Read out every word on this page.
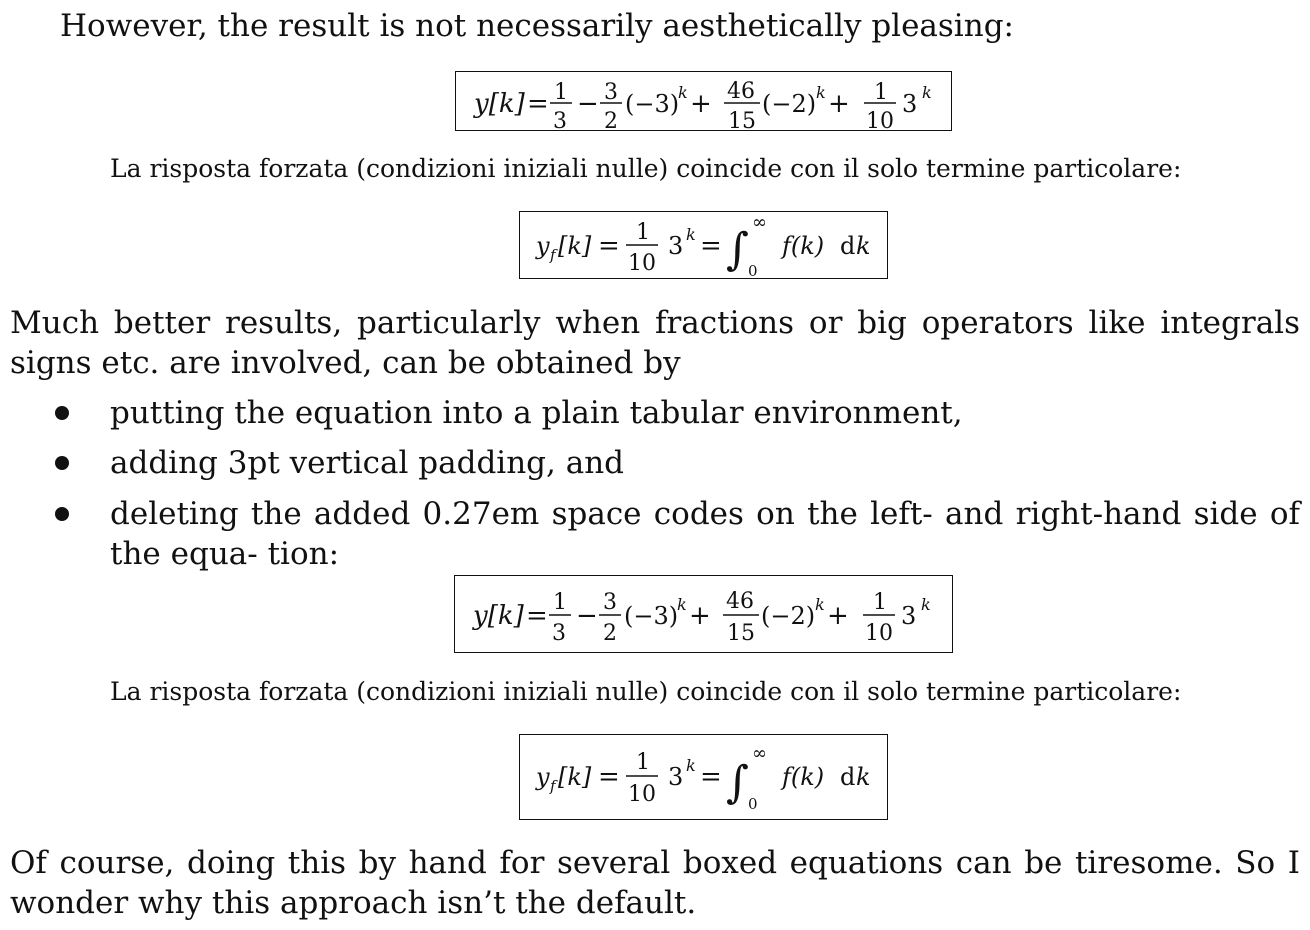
However, the result is not necessarily aesthetically pleasing:
y[k] = 1
3
− 3
2
(−3)
k + 46
15
(−2) k + 1
10
3 k
La risposta forzata (condizioni iniziali nulle) coincide con il solo termine particolare:
y f [k] = 1
10
3 k = ∫
∞
0
f(k) d k
Much better results, particularly when fractions or big operators like integrals signs etc. are involved, can be obtained by
putting the equation into a plain tabular environment,
adding 3pt vertical padding, and
deleting the added 0.27em space codes on the left- and right-hand side of the equa- tion:
y[k] = 1
3
− 3
2
(−3)
k + 46
15
(−2) k + 1
10
3 k
La risposta forzata (condizioni iniziali nulle) coincide con il solo termine particolare:
y f [k] = 1
10
3 k = ∫
∞
0
f(k) d k
Of course, doing this by hand for several boxed equations can be tiresome. So I wonder why this approach isn’t the default.
